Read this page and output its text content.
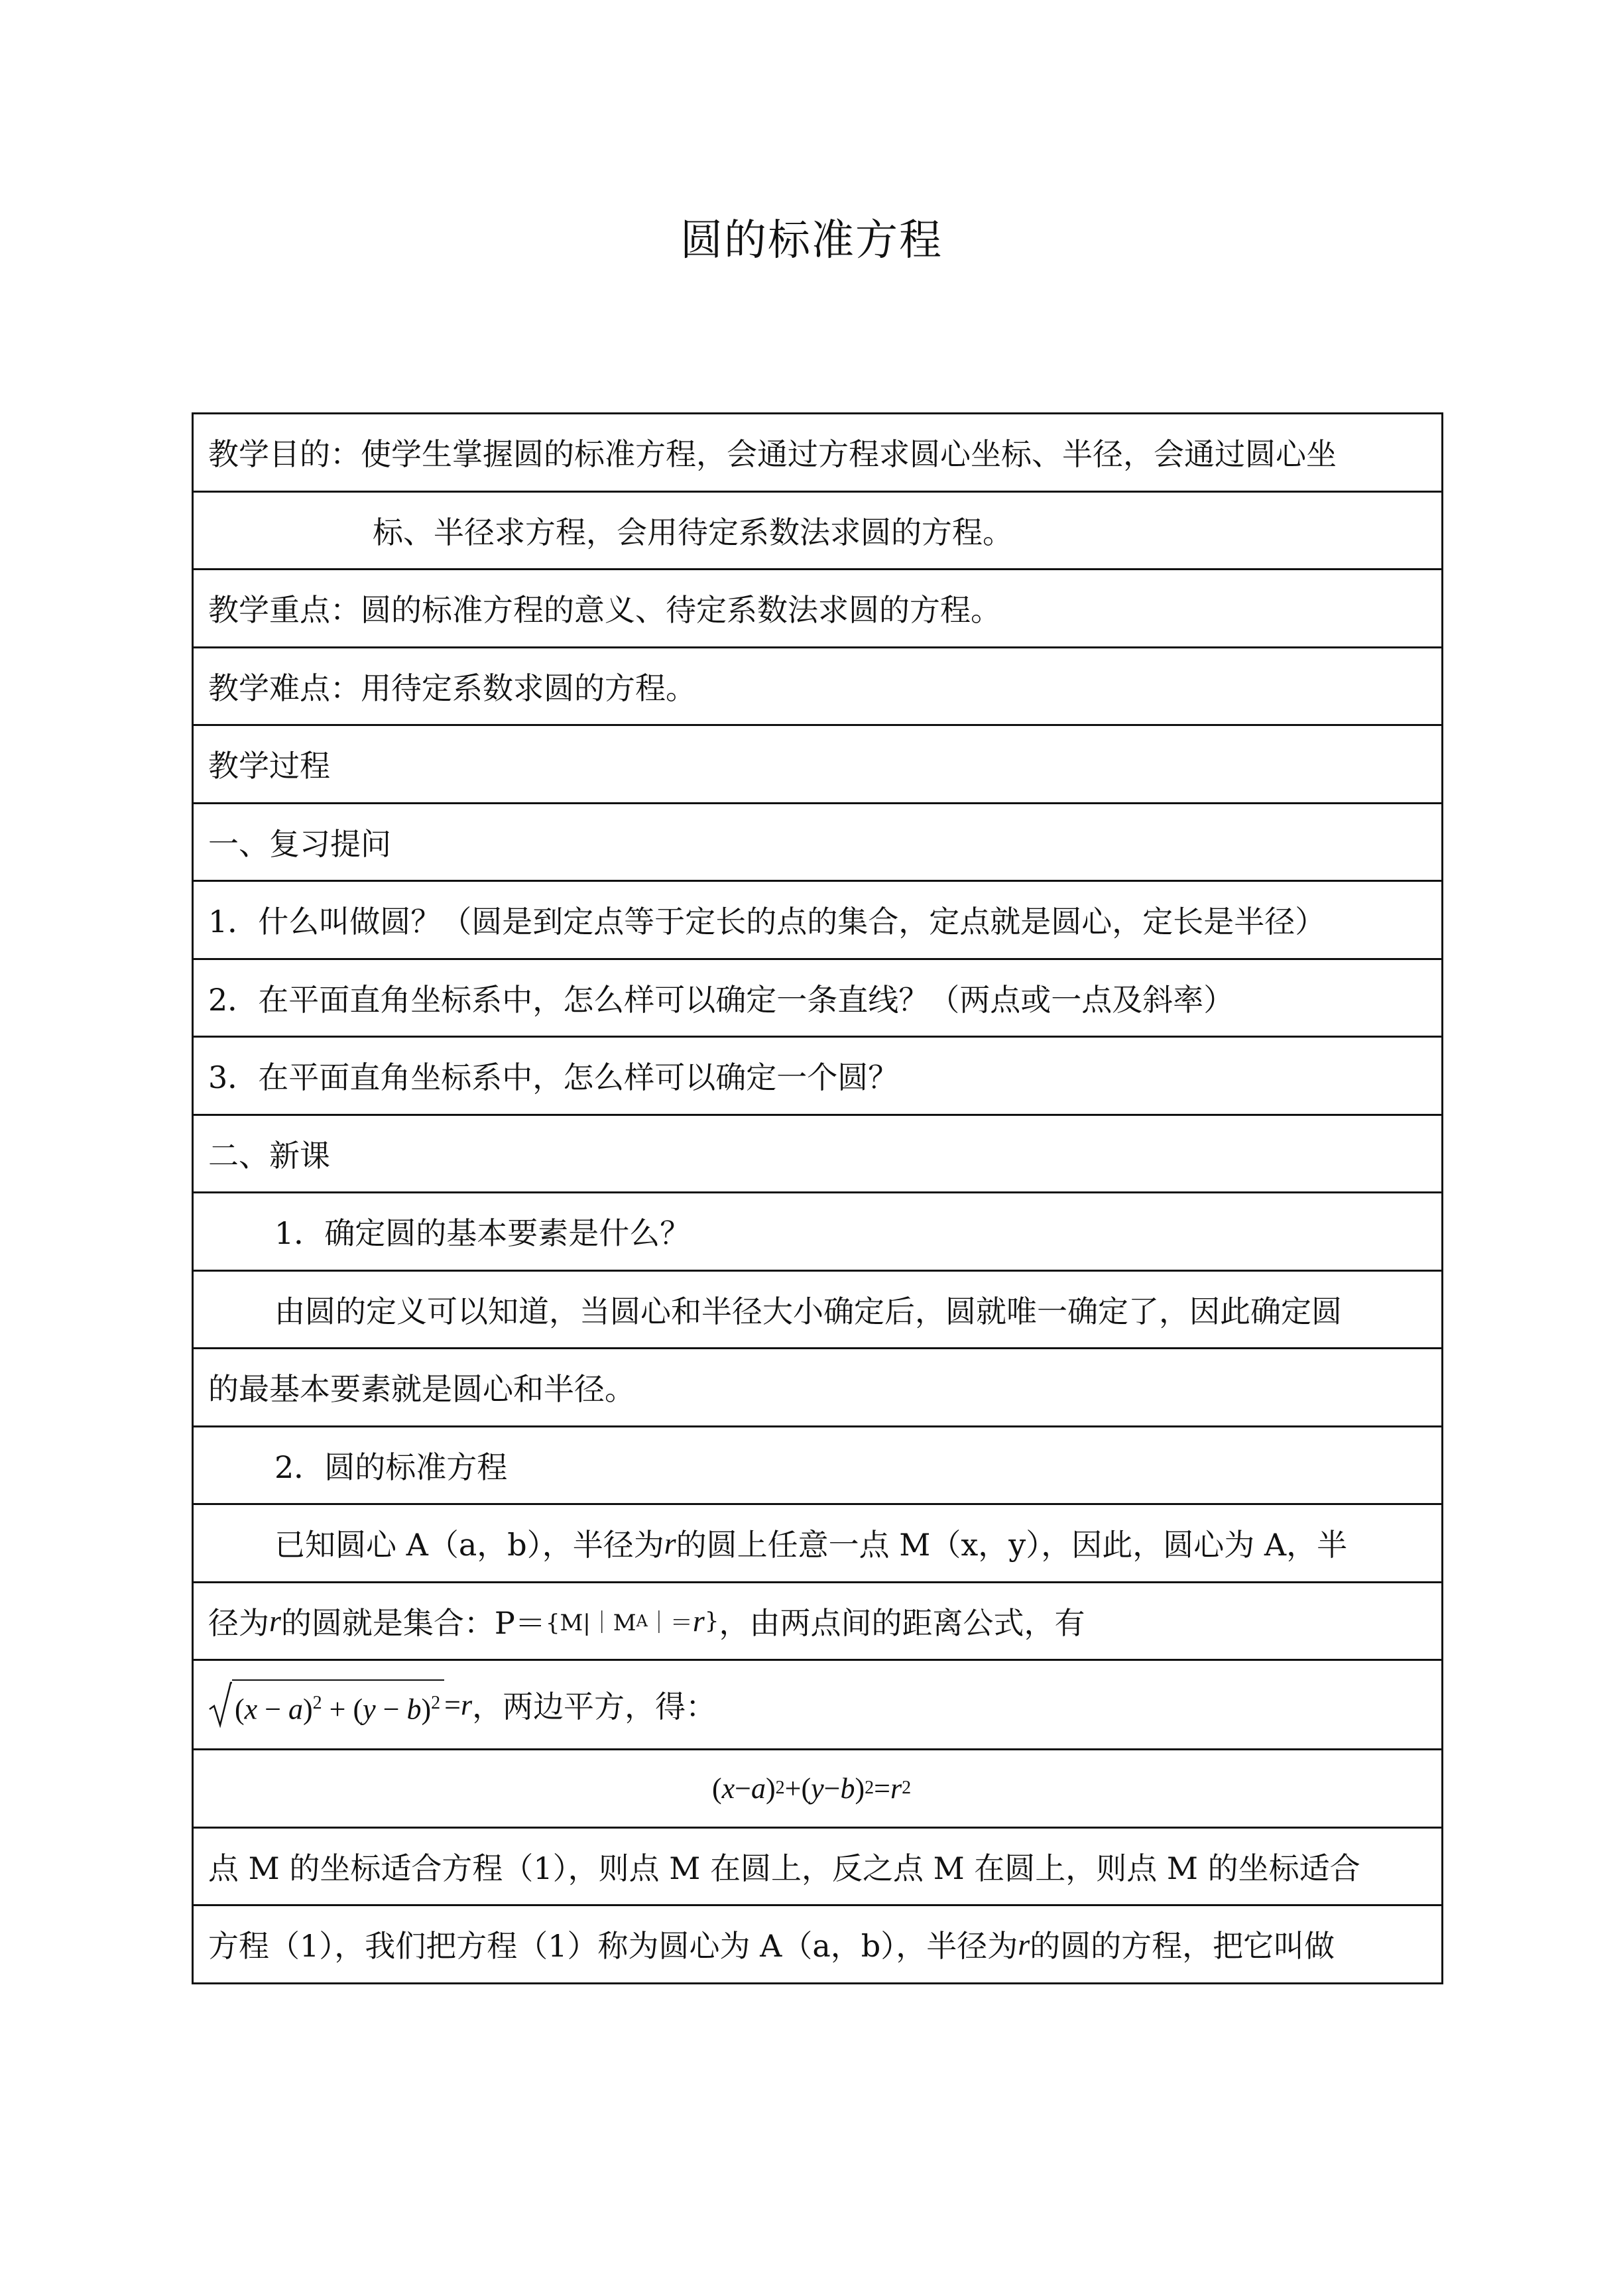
圆的标准方程
教学目的：使学生掌握圆的标准方程，会通过方程求圆心坐标、半径，会通过圆心坐
标、半径求方程，会用待定系数法求圆的方程。
教学重点：圆的标准方程的意义、待定系数法求圆的方程。
教学难点：用待定系数求圆的方程。
教学过程
一、复习提问
1．什么叫做圆？（圆是到定点等于定长的点的集合，定点就是圆心，定长是半径）
2．在平面直角坐标系中，怎么样可以确定一条直线？（两点或一点及斜率）
3．在平面直角坐标系中，怎么样可以确定一个圆？
二、新课
1．确定圆的基本要素是什么？
由圆的定义可以知道，当圆心和半径大小确定后，圆就唯一确定了，因此确定圆
的最基本要素就是圆心和半径。
2．圆的标准方程
已知圆心 A（a，b），半径为 r 的圆上任意一点 M（x，y），因此，圆心为 A，半
径为 r 的圆就是集合：P＝ {M|｜M A ｜＝ r } ，由两点间的距离公式，有
$(x - a)^2 + (y - b)^2 = r$ ，两边平方，得：
( x − a ) 2 + ( y − b ) 2 = r 2
点 M 的坐标适合方程（1），则点 M 在圆上，反之点 M 在圆上，则点 M 的坐标适合
方程（1），我们把方程（1）称为圆心为 A（a，b），半径为 r 的圆的方程，把它叫做
